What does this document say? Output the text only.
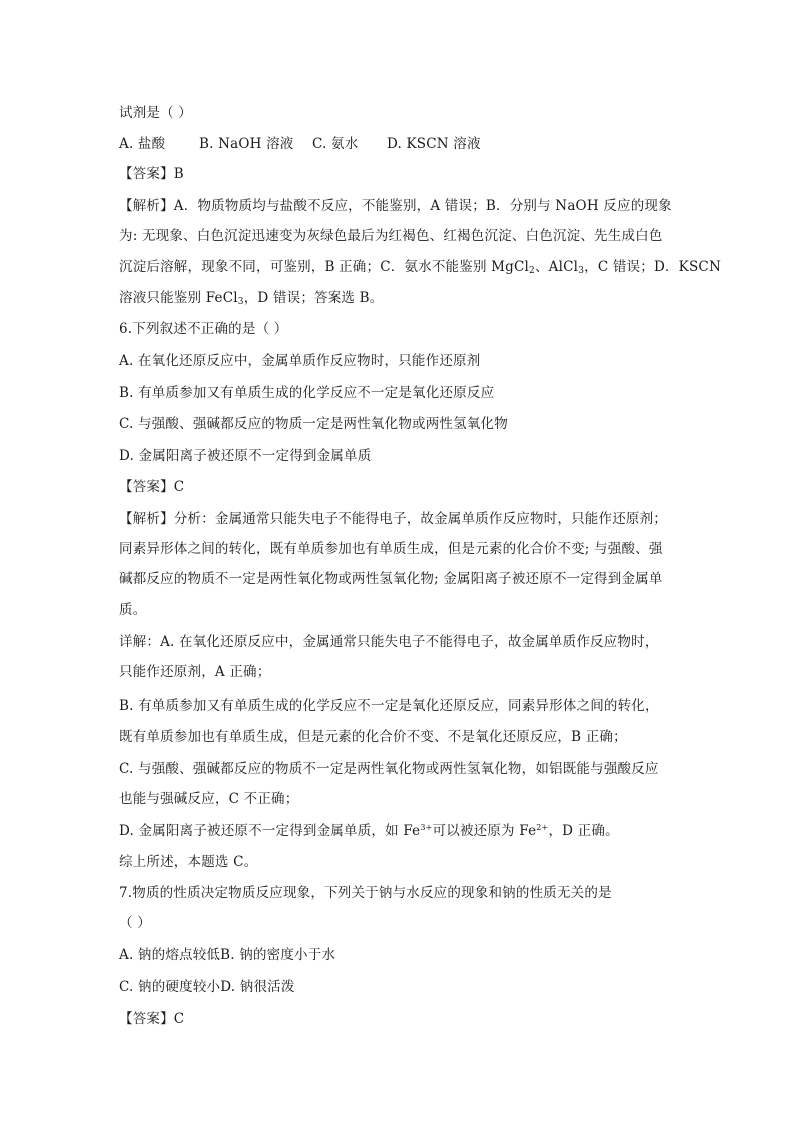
试剂是（ ）
A. 盐酸 B. NaOH 溶液 C. 氨水 D. KSCN 溶液
【答案】B
【解析】A．物质物质均与盐酸不反应，不能鉴别，A 错误；B．分别与 NaOH 反应的现象
为: 无现象、白色沉淀迅速变为灰绿色最后为红褐色、红褐色沉淀、白色沉淀、先生成白色
沉淀后溶解，现象不同，可鉴别，B 正确；C．氨水不能鉴别 MgCl$_2$、AlCl$_3$，C 错误；D．KSCN
溶液只能鉴别 FeCl$_3$，D 错误；答案选 B。
6.下列叙述不正确的是（ ）
A. 在氧化还原反应中，金属单质作反应物时，只能作还原剂
B. 有单质参加又有单质生成的化学反应不一定是氧化还原反应
C. 与强酸、强碱都反应的物质一定是两性氧化物或两性氢氧化物
D. 金属阳离子被还原不一定得到金属单质
【答案】C
【解析】分析：金属通常只能失电子不能得电子，故金属单质作反应物时，只能作还原剂；
同素异形体之间的转化，既有单质参加也有单质生成，但是元素的化合价不变; 与强酸、强
碱都反应的物质不一定是两性氧化物或两性氢氧化物; 金属阳离子被还原不一定得到金属单
质。
详解：A. 在氧化还原反应中，金属通常只能失电子不能得电子，故金属单质作反应物时，
只能作还原剂，A 正确；
B. 有单质参加又有单质生成的化学反应不一定是氧化还原反应，同素异形体之间的转化，
既有单质参加也有单质生成，但是元素的化合价不变、不是氧化还原反应，B 正确；
C. 与强酸、强碱都反应的物质不一定是两性氧化物或两性氢氧化物，如铝既能与强酸反应
也能与强碱反应，C 不正确；
D. 金属阳离子被还原不一定得到金属单质，如 $Fe^{3+}$可以被还原为 $Fe^{2+}$，D 正确。
综上所述，本题选 C。
7.物质的性质决定物质反应现象，下列关于钠与水反应的现象和钠的性质无关的是
（ ）
A. 钠的熔点较低B. 钠的密度小于水
C. 钠的硬度较小D. 钠很活泼
【答案】C
